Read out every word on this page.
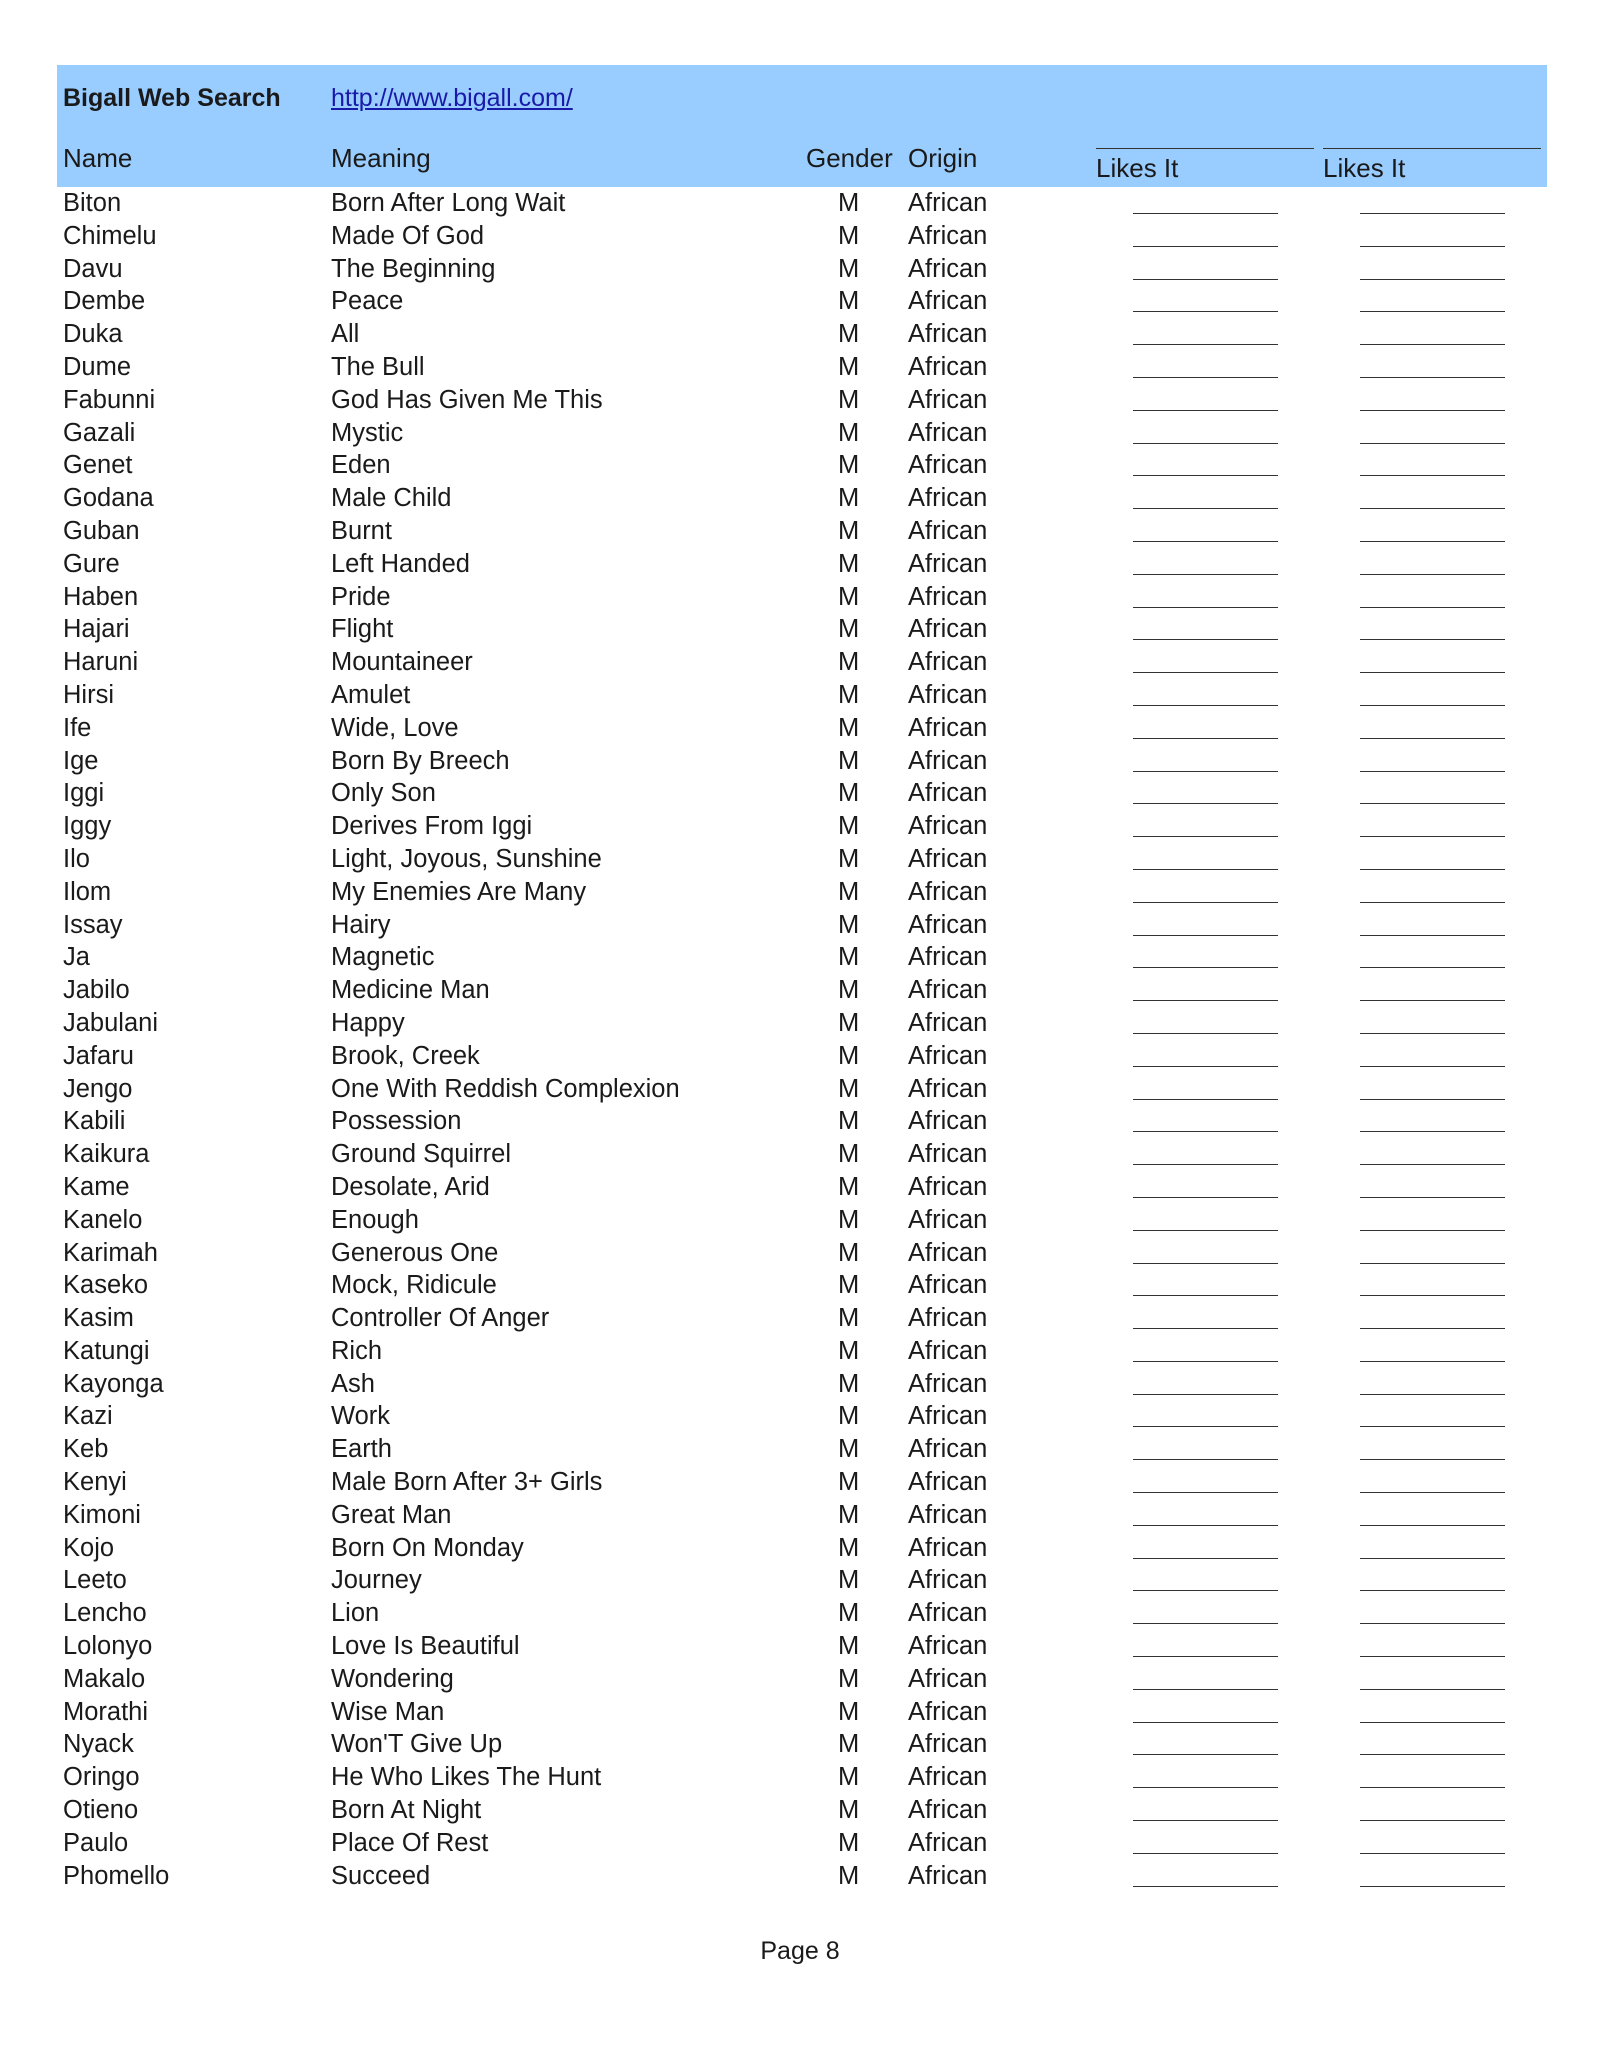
Bigall Web Search http://www.bigall.com/
Name	Meaning	Gender Origin	Likes It	Likes It
Biton	Born After Long Wait	M African
Chimelu	Made Of God	M African
Davu	The Beginning	M African
Dembe	Peace	M African
Duka	All	M African
Dume	The Bull	M African
Fabunni	God Has Given Me This	M African
Gazali	Mystic	M African
Genet	Eden	M African
Godana	Male Child	M African
Guban	Burnt	M African
Gure	Left Handed	M African
Haben	Pride	M African
Hajari	Flight	M African
Haruni	Mountaineer	M African
Hirsi	Amulet	M African
Ife	Wide, Love	M African
Ige	Born By Breech	M African
Iggi	Only Son	M African
Iggy	Derives From Iggi	M African
Ilo	Light, Joyous, Sunshine	M African
Ilom	My Enemies Are Many	M African
Issay	Hairy	M African
Ja	Magnetic	M African
Jabilo	Medicine Man	M African
Jabulani	Happy	M African
Jafaru	Brook, Creek	M African
Jengo	One With Reddish Complexion	M African
Kabili	Possession	M African
Kaikura	Ground Squirrel	M African
Kame	Desolate, Arid	M African
Kanelo	Enough	M African
Karimah	Generous One	M African
Kaseko	Mock, Ridicule	M African
Kasim	Controller Of Anger	M African
Katungi	Rich	M African
Kayonga	Ash	M African
Kazi	Work	M African
Keb	Earth	M African
Kenyi	Male Born After 3+ Girls	M African
Kimoni	Great Man	M African
Kojo	Born On Monday	M African
Leeto	Journey	M African
Lencho	Lion	M African
Lolonyo	Love Is Beautiful	M African
Makalo	Wondering	M African
Morathi	Wise Man	M African
Nyack	Won'T Give Up	M African
Oringo	He Who Likes The Hunt	M African
Otieno	Born At Night	M African
Paulo	Place Of Rest	M African
Phomello	Succeed	M African
Page 8
